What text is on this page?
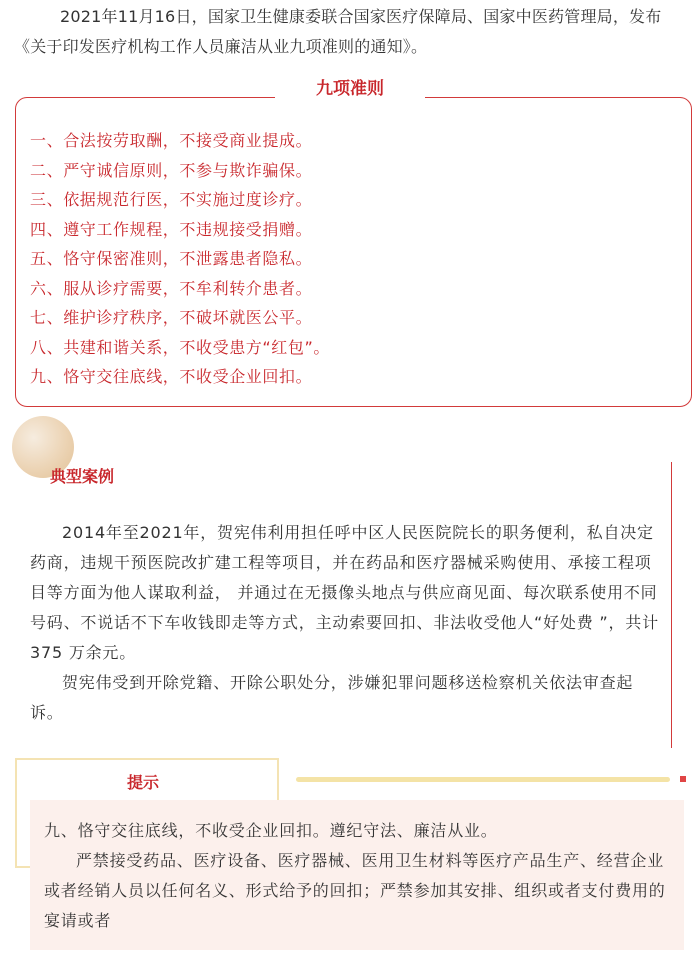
2021年11月16日，国家卫生健康委联合国家医疗保障局、国家中医药管理局，发布《关于印发医疗机构工作人员廉洁从业九项准则的通知》。

九项准则
一、合法按劳取酬，不接受商业提成。
二、严守诚信原则，不参与欺诈骗保。
三、依据规范行医，不实施过度诊疗。
四、遵守工作规程，不违规接受捐赠。
五、恪守保密准则，不泄露患者隐私。
六、服从诊疗需要，不牟利转介患者。
七、维护诊疗秩序，不破坏就医公平。
八、共建和谐关系，不收受患方“红包”。
九、恪守交往底线，不收受企业回扣。
典型案例

2014年至2021年，贺宪伟利用担任呼中区人民医院院长的职务便利，私自决定药商，违规干预医院改扩建工程等项目，并在药品和医疗器械采购使用、承接工程项目等方面为他人谋取利益， 并通过在无摄像头地点与供应商见面、每次联系使用不同号码、不说话不下车收钱即走等方式，主动索要回扣、非法收受他人“好处费 ”，共计 375 万余元。

贺宪伟受到开除党籍、开除公职处分，涉嫌犯罪问题移送检察机关依法审查起诉。

提示

九、恪守交往底线，不收受企业回扣。遵纪守法、廉洁从业。

严禁接受药品、医疗设备、医疗器械、医用卫生材料等医疗产品生产、经营企业或者经销人员以任何名义、形式给予的回扣；严禁参加其安排、组织或者支付费用的宴请或者
